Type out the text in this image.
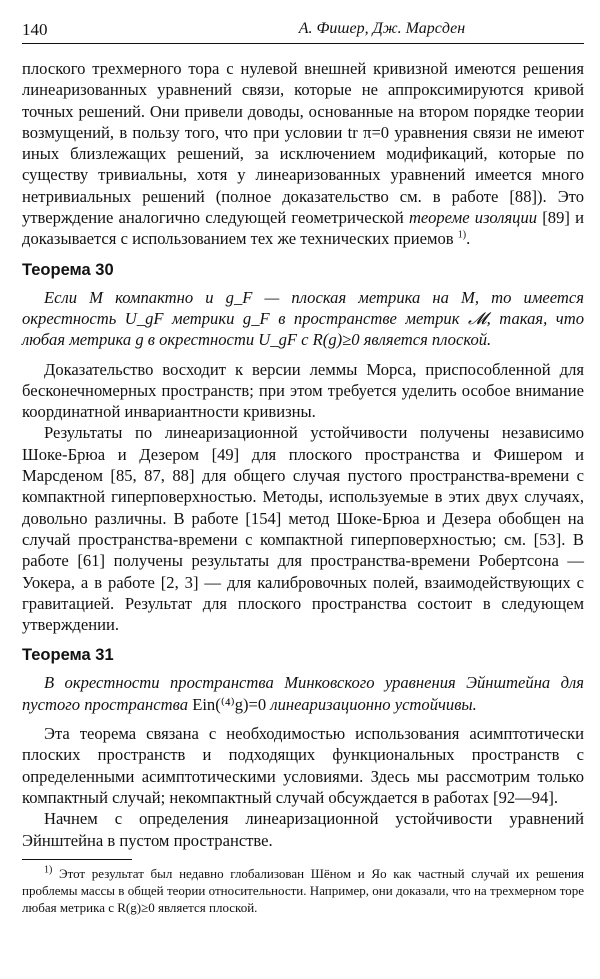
140	А. Фишер, Дж. Марсден

плоского трехмерного тора с нулевой внешней кривизной имеются решения линеаризованных уравнений связи, которые не аппроксимируются кривой точных решений. Они привели доводы, основанные на втором порядке теории возмущений, в пользу того, что при условии tr π=0 уравнения связи не имеют иных близлежащих решений, за исключением модификаций, которые по существу тривиальны, хотя у линеаризованных уравнений имеется много нетривиальных решений (полное доказательство см. в работе [88]). Это утверждение аналогично следующей геометрической теореме изоляции [89] и доказывается с использованием тех же технических приемов $^{1)}$.

Теорема 30

Если M компактно и g_F — плоская метрика на M, то имеется окрестность U_gF метрики g_F в пространстве метрик 𝓜, такая, что любая метрика g в окрестности U_gF с R(g)≥0 является плоской.

Доказательство восходит к версии леммы Морса, приспособленной для бесконечномерных пространств; при этом требуется уделить особое внимание координатной инвариантности кривизны.

Результаты по линеаризационной устойчивости получены независимо Шоке-Брюа и Дезером [49] для плоского пространства и Фишером и Марсденом [85, 87, 88] для общего случая пустого пространства-времени с компактной гиперповерхностью. Методы, используемые в этих двух случаях, довольно различны. В работе [154] метод Шоке-Брюа и Дезера обобщен на случай пространства-времени с компактной гиперповерхностью; см. [53]. В работе [61] получены результаты для пространства-времени Робертсона — Уокера, а в работе [2, 3] — для калибровочных полей, взаимодействующих с гравитацией. Результат для плоского пространства состоит в следующем утверждении.

Теорема 31

В окрестности пространства Минковского уравнения Эйнштейна для пустого пространства Ein(⁽⁴⁾g)=0 линеаризационно устойчивы.

Эта теорема связана с необходимостью использования асимптотически плоских пространств и подходящих функциональных пространств с определенными асимптотическими условиями. Здесь мы рассмотрим только компактный случай; некомпактный случай обсуждается в работах [92—94].

Начнем с определения линеаризационной устойчивости уравнений Эйнштейна в пустом пространстве.

$^{1)}$ Этот результат был недавно глобализован Шёном и Яо как частный случай их решения проблемы массы в общей теории относительности. Например, они доказали, что на трехмерном торе любая метрика с R(g)≥0 является плоской.
